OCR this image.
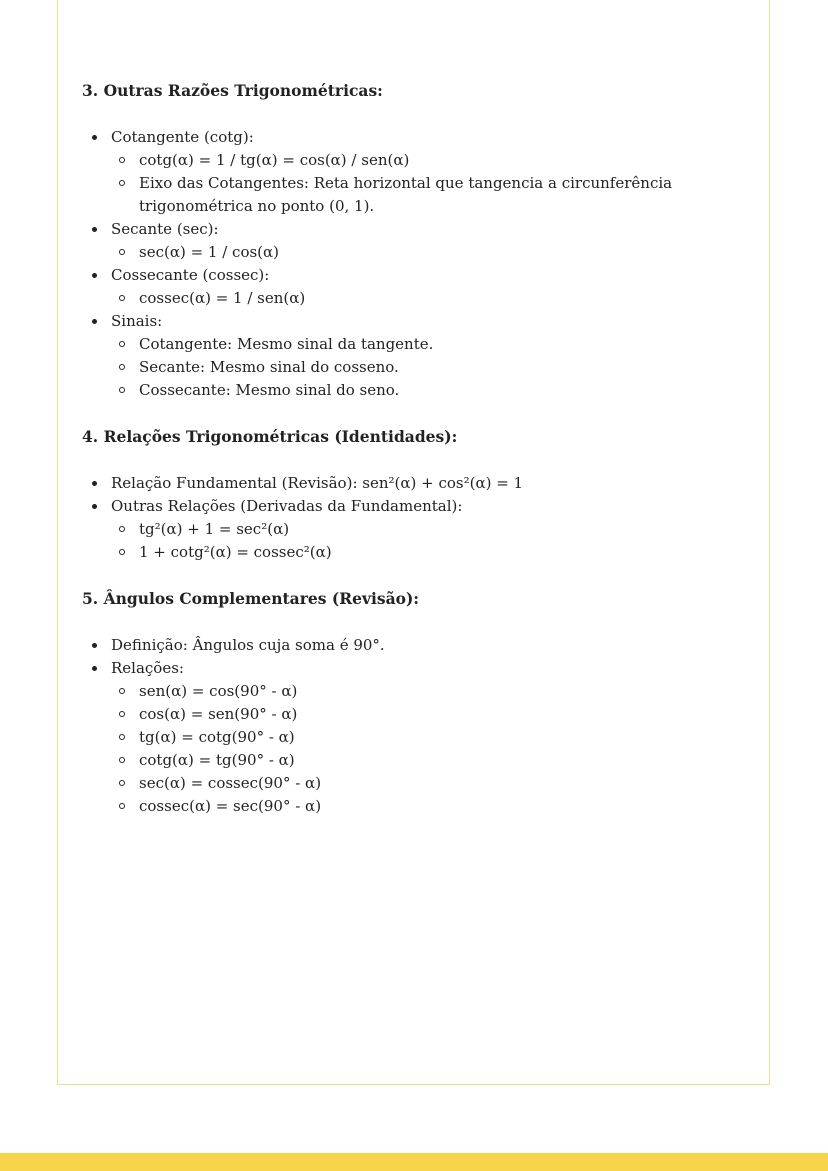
3. Outras Razões Trigonométricas:
Cotangente (cotg):
cotg(α) = 1 / tg(α) = cos(α) / sen(α)
Eixo das Cotangentes: Reta horizontal que tangencia a circunferência trigonométrica no ponto (0, 1).
Secante (sec):
sec(α) = 1 / cos(α)
Cossecante (cossec):
cossec(α) = 1 / sen(α)
Sinais:
Cotangente: Mesmo sinal da tangente.
Secante: Mesmo sinal do cosseno.
Cossecante: Mesmo sinal do seno.
4. Relações Trigonométricas (Identidades):
Relação Fundamental (Revisão): sen²(α) + cos²(α) = 1
Outras Relações (Derivadas da Fundamental):
tg²(α) + 1 = sec²(α)
1 + cotg²(α) = cossec²(α)
5. Ângulos Complementares (Revisão):
Definição: Ângulos cuja soma é 90°.
Relações:
sen(α) = cos(90° - α)
cos(α) = sen(90° - α)
tg(α) = cotg(90° - α)
cotg(α) = tg(90° - α)
sec(α) = cossec(90° - α)
cossec(α) = sec(90° - α)
